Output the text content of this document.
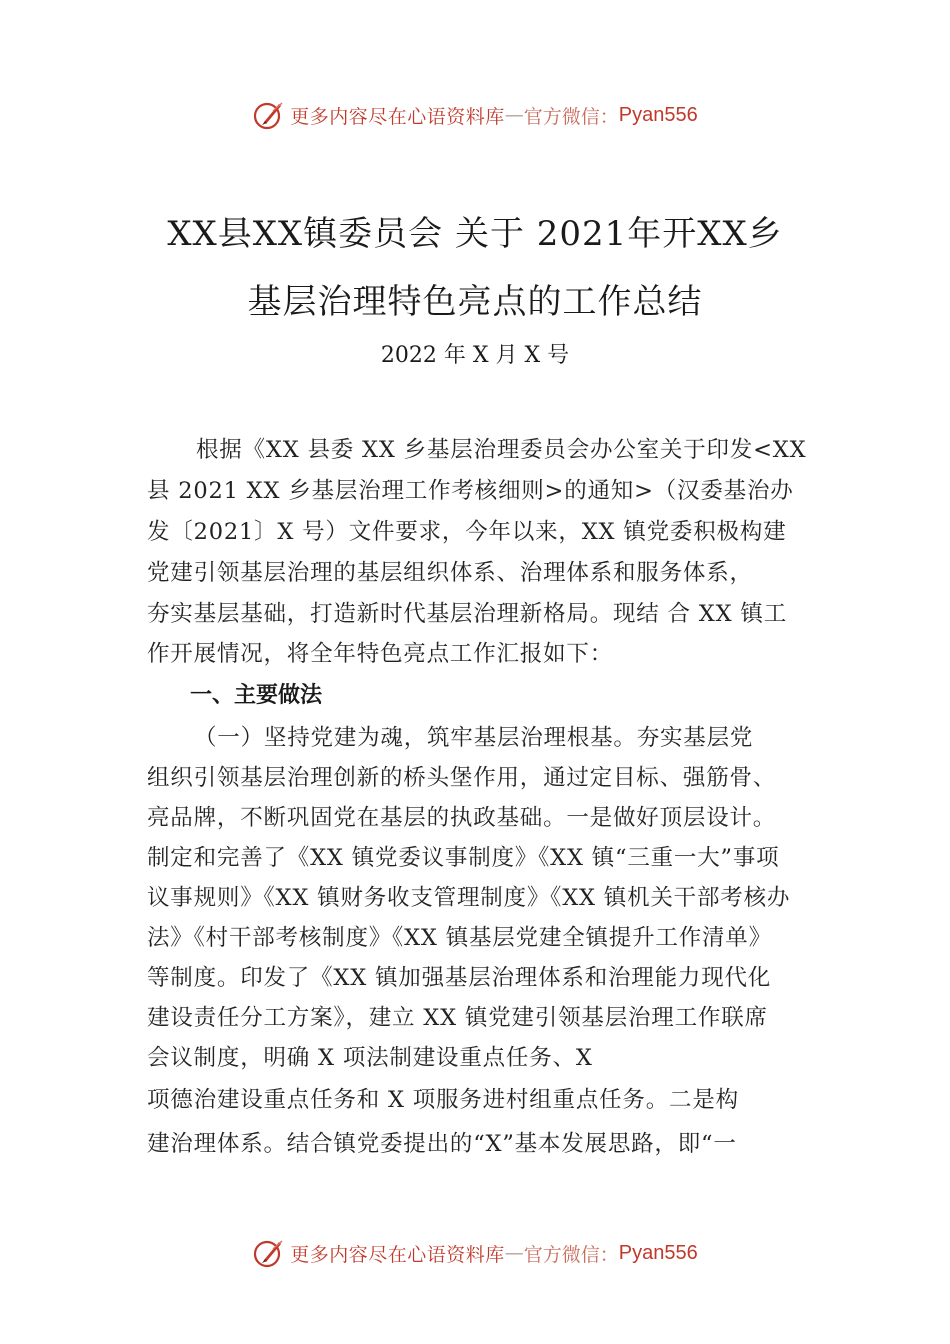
更多内容尽在心语资料库 — 官方微信： Pyan556
XX县XX镇委员会 关于 2021年开XX乡
基层治理特色亮点的工作总结
2022 年 X 月 X 号
根据《XX 县委 XX 乡基层治理委员会办公室关于印发<XX
县 2021 XX 乡基层治理工作考核细则>的通知>（汉委基治办
发〔2021〕X 号）文件要求，今年以来，XX 镇党委积极构建
党建引领基层治理的基层组织体系、治理体系和服务体系，
夯实基层基础，打造新时代基层治理新格局。现结 合 XX 镇工
作开展情况，将全年特色亮点工作汇报如下：
一、主要做法
（一）坚持党建为魂，筑牢基层治理根基。夯实基层党
组织引领基层治理创新的桥头堡作用，通过定目标、强筋骨、
亮品牌，不断巩固党在基层的执政基础。一是做好顶层设计。
制定和完善了《XX 镇党委议事制度》《XX 镇“三重一大”事项
议事规则》《XX 镇财务收支管理制度》《XX 镇机关干部考核办
法》《村干部考核制度》《XX 镇基层党建全镇提升工作清单》
等制度。印发了《XX 镇加强基层治理体系和治理能力现代化
建设责任分工方案》，建立 XX 镇党建引领基层治理工作联席
会议制度，明确 X 项法制建设重点任务、X
项德治建设重点任务和 X 项服务进村组重点任务。二是构
建治理体系。结合镇党委提出的“X”基本发展思路，即“一
更多内容尽在心语资料库 — 官方微信： Pyan556
